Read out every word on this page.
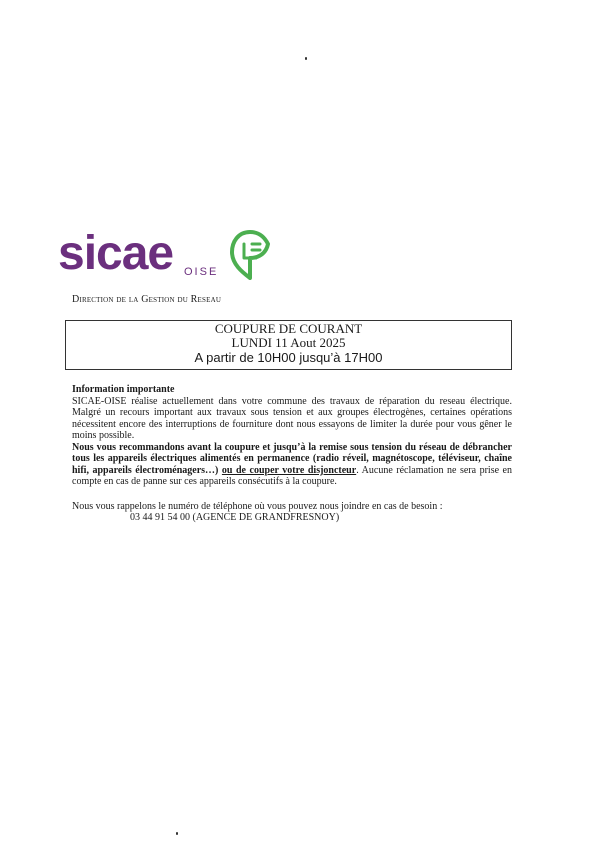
sicae OISE
Direction de la Gestion du Reseau
COUPURE DE COURANT
LUNDI 11 Aout 2025
A partir de 10H00 jusqu’à 17H00
Information importante

SICAE-OISE réalise actuellement dans votre commune des travaux de réparation du reseau électrique. Malgré un recours important aux travaux sous tension et aux groupes électrogènes, certaines opérations nécessitent encore des interruptions de fourniture dont nous essayons de limiter la durée pour vous gêner le moins possible.

Nous vous recommandons avant la coupure et jusqu’à la remise sous tension du réseau de débrancher tous les appareils électriques alimentés en permanence (radio réveil, magnétoscope, téléviseur, chaîne hifi, appareils électroménagers…) ou de couper votre disjoncteur. Aucune réclamation ne sera prise en compte en cas de panne sur ces appareils consécutifs à la coupure.

Nous vous rappelons le numéro de téléphone où vous pouvez nous joindre en cas de besoin :

03 44 91 54 00 (AGENCE DE GRANDFRESNOY)
